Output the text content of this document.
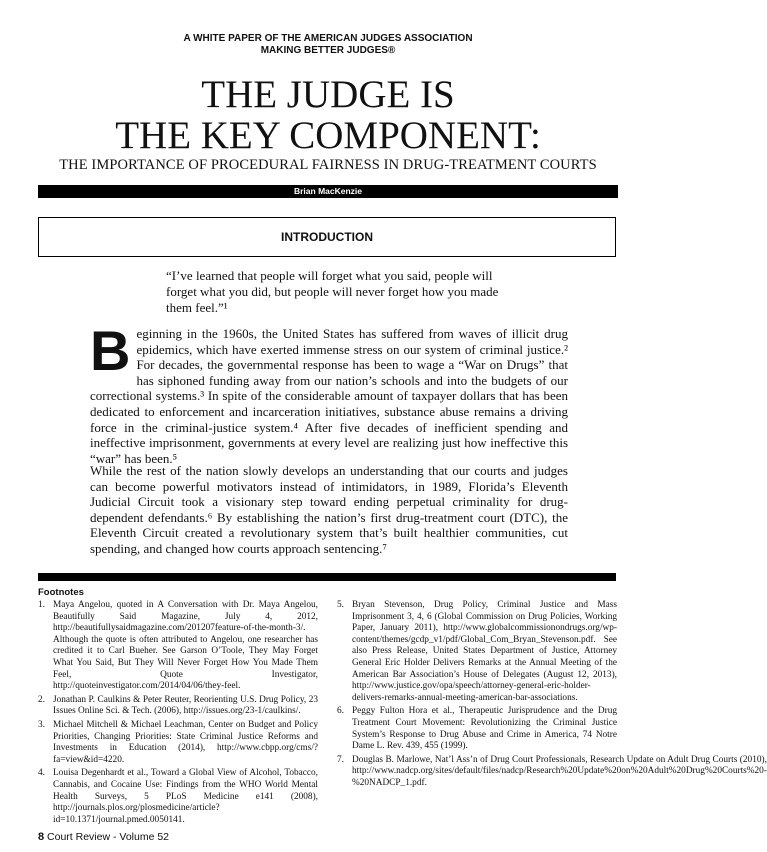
A WHITE PAPER OF THE AMERICAN JUDGES ASSOCIATION
MAKING BETTER JUDGES®
THE JUDGE IS
THE KEY COMPONENT:
THE IMPORTANCE OF PROCEDURAL FAIRNESS IN DRUG-TREATMENT COURTS
Brian MacKenzie
INTRODUCTION
“I’ve learned that people will forget what you said, people will forget what you did, but people will never forget how you made them feel.”¹
Beginning in the 1960s, the United States has suffered from waves of illicit drug epidemics, which have exerted immense stress on our system of criminal justice.² For decades, the governmental response has been to wage a “War on Drugs” that has siphoned funding away from our nation’s schools and into the budgets of our correctional systems.³ In spite of the considerable amount of taxpayer dollars that has been dedicated to enforcement and incarceration initiatives, substance abuse remains a driving force in the criminal-justice system.⁴ After five decades of inefficient spending and ineffective imprisonment, governments at every level are realizing just how ineffective this “war” has been.⁵
While the rest of the nation slowly develops an understanding that our courts and judges can become powerful motivators instead of intimidators, in 1989, Florida’s Eleventh Judicial Circuit took a visionary step toward ending perpetual criminality for drug-dependent defendants.⁶ By establishing the nation’s first drug-treatment court (DTC), the Eleventh Circuit created a revolutionary system that’s built healthier communities, cut spending, and changed how courts approach sentencing.⁷
Footnotes
1. Maya Angelou, quoted in A Conversation with Dr. Maya Angelou, Beautifully Said Magazine, July 4, 2012, http://beautifullysaidmagazine.com/201207feature-of-the-month-3/. Although the quote is often attributed to Angelou, one researcher has credited it to Carl Bueher. See Garson O’Toole, They May Forget What You Said, But They Will Never Forget How You Made Them Feel, Quote Investigator, http://quoteinvestigator.com/2014/04/06/they-feel.
2. Jonathan P. Caulkins & Peter Reuter, Reorienting U.S. Drug Policy, 23 Issues Online Sci. & Tech. (2006), http://issues.org/23-1/caulkins/.
3. Michael Mitchell & Michael Leachman, Center on Budget and Policy Priorities, Changing Priorities: State Criminal Justice Reforms and Investments in Education (2014), http://www.cbpp.org/cms/?fa=view&id=4220.
4. Louisa Degenhardt et al., Toward a Global View of Alcohol, Tobacco, Cannabis, and Cocaine Use: Findings from the WHO World Mental Health Surveys, 5 PLoS Medicine e141 (2008), http://journals.plos.org/plosmedicine/article?id=10.1371/journal.pmed.0050141.
5. Bryan Stevenson, Drug Policy, Criminal Justice and Mass Imprisonment 3, 4, 6 (Global Commission on Drug Policies, Working Paper, January 2011), http://www.globalcommissionondrugs.org/wp-content/themes/gcdp_v1/pdf/Global_Com_Bryan_Stevenson.pdf. See also Press Release, United States Department of Justice, Attorney General Eric Holder Delivers Remarks at the Annual Meeting of the American Bar Association’s House of Delegates (August 12, 2013), http://www.justice.gov/opa/speech/attorney-general-eric-holder-delivers-remarks-annual-meeting-american-bar-associations.
6. Peggy Fulton Hora et al., Therapeutic Jurisprudence and the Drug Treatment Court Movement: Revolutionizing the Criminal Justice System’s Response to Drug Abuse and Crime in America, 74 Notre Dame L. Rev. 439, 455 (1999).
7. Douglas B. Marlowe, Nat’l Ass’n of Drug Court Professionals, Research Update on Adult Drug Courts (2010), http://www.nadcp.org/sites/default/files/nadcp/Research%20Update%20on%20Adult%20Drug%20Courts%20-%20NADCP_1.pdf.
8 Court Review - Volume 52
